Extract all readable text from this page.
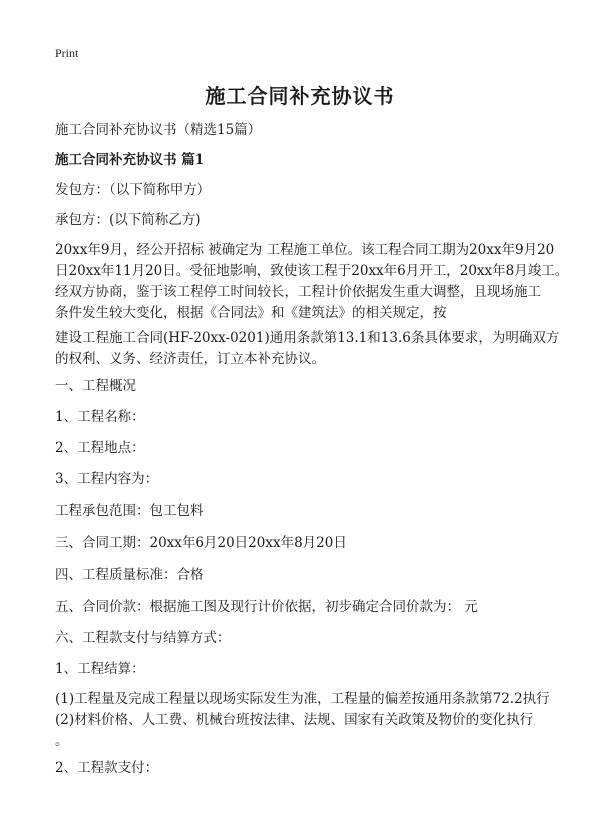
Print
施工合同补充协议书
施工合同补充协议书（精选15篇）
施工合同补充协议书 篇1
发包方：（以下简称甲方）
承包方：(以下简称乙方)
20xx年9月，经公开招标 被确定为 工程施工单位。该工程合同工期为20xx年9月20
日20xx年11月20日。受征地影响，致使该工程于20xx年6月开工，20xx年8月竣工。
经双方协商，鉴于该工程停工时间较长，工程计价依据发生重大调整，且现场施工
条件发生较大变化，根据《合同法》和《建筑法》的相关规定，按
建设工程施工合同(HF-20xx-0201)通用条款第13.1和13.6条具体要求，为明确双方
的权利、义务、经济责任，订立本补充协议。
一、工程概况
1、工程名称：
2、工程地点：
3、工程内容为：
工程承包范围：包工包料
三、合同工期：20xx年6月20日20xx年8月20日
四、工程质量标准：合格
五、合同价款：根据施工图及现行计价依据，初步确定合同价款为： 元
六、工程款支付与结算方式：
1、工程结算：
(1)工程量及完成工程量以现场实际发生为准，工程量的偏差按通用条款第72.2执行
(2)材料价格、人工费、机械台班按法律、法规、国家有关政策及物价的变化执行
。
2、工程款支付：
